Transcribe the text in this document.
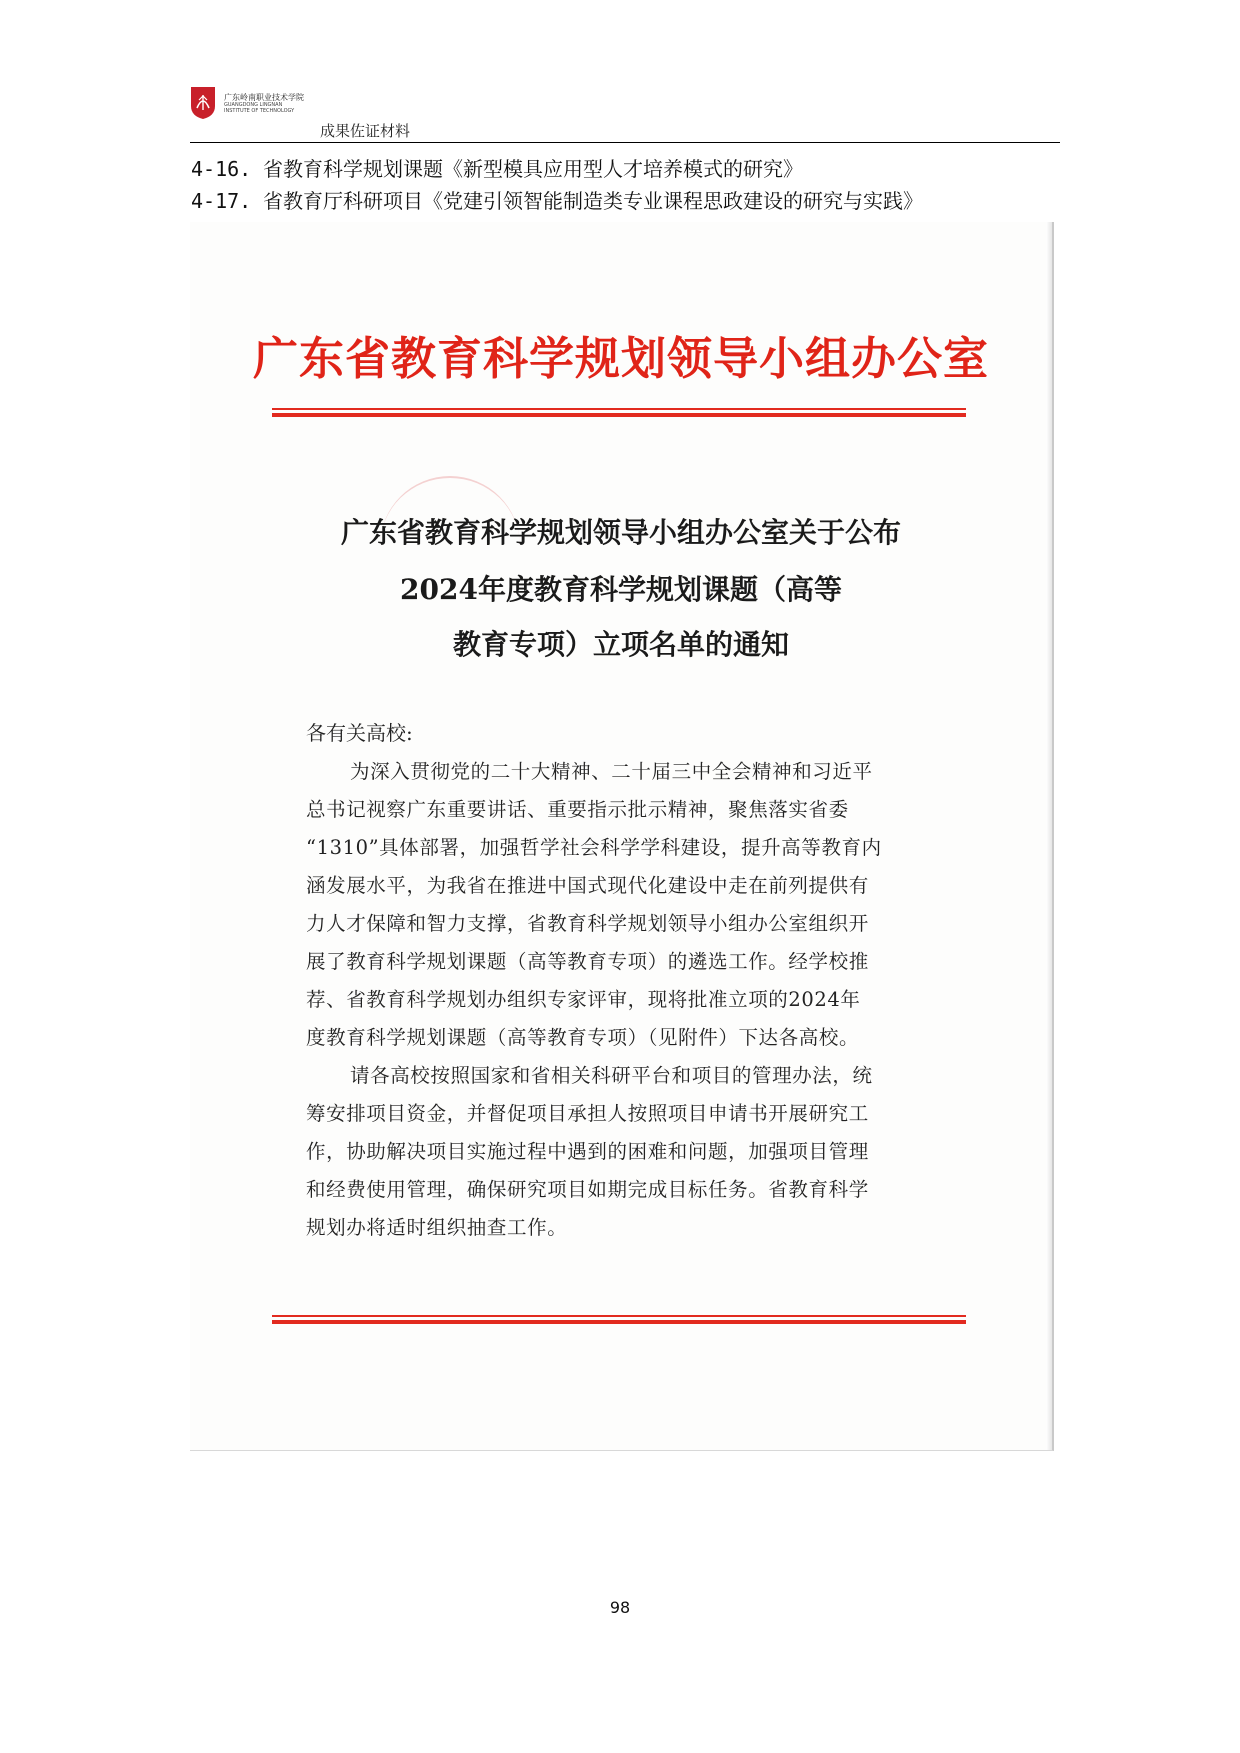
广东岭南职业技术学院
GUANGDONG LINGNAN
INSTITUTE OF TECHNOLOGY
成果佐证材料
4-16. 省教育科学规划课题《新型模具应用型人才培养模式的研究》
4-17. 省教育厅科研项目《党建引领智能制造类专业课程思政建设的研究与实践》
广东省教育科学规划领导小组办公室
广东省教育科学规划领导小组办公室关于公布
2024年度教育科学规划课题（高等
教育专项）立项名单的通知
各有关高校:
为深入贯彻党的二十大精神、二十届三中全会精神和习近平
总书记视察广东重要讲话、重要指示批示精神，聚焦落实省委
“1310”具体部署，加强哲学社会科学学科建设，提升高等教育内
涵发展水平，为我省在推进中国式现代化建设中走在前列提供有
力人才保障和智力支撑，省教育科学规划领导小组办公室组织开
展了教育科学规划课题（高等教育专项）的遴选工作。经学校推
荐、省教育科学规划办组织专家评审，现将批准立项的2024年
度教育科学规划课题（高等教育专项）（见附件）下达各高校。
请各高校按照国家和省相关科研平台和项目的管理办法，统
筹安排项目资金，并督促项目承担人按照项目申请书开展研究工
作，协助解决项目实施过程中遇到的困难和问题，加强项目管理
和经费使用管理，确保研究项目如期完成目标任务。省教育科学
规划办将适时组织抽查工作。
98
